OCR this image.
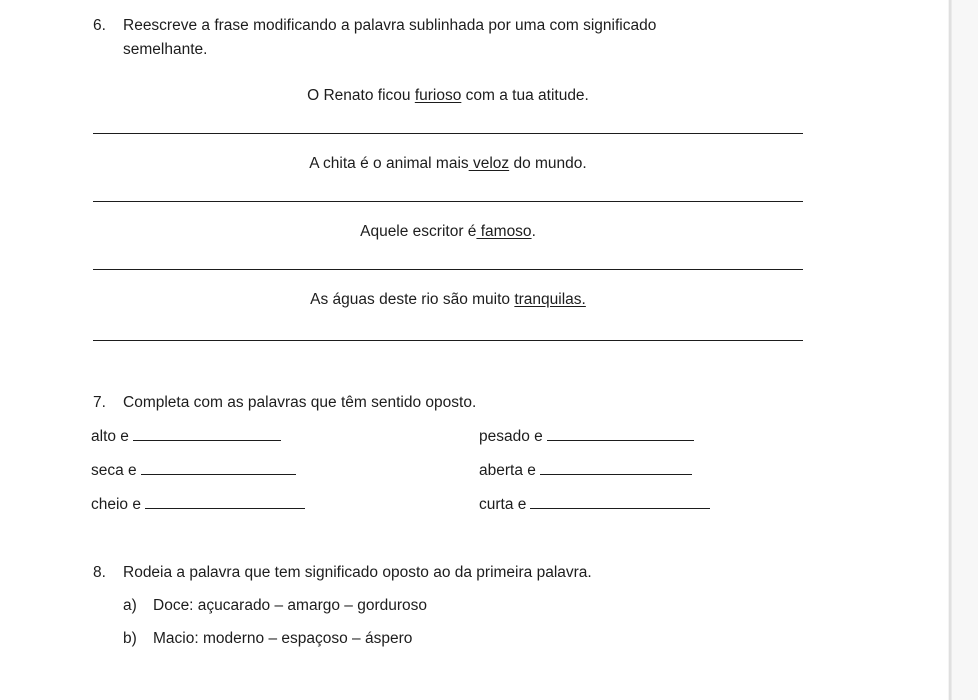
6.	Reescreve a frase modificando a palavra sublinhada por uma com significado
semelhante.
O Renato ficou furioso com a tua atitude.
A chita é o animal mais veloz do mundo.
Aquele escritor é famoso.
As águas deste rio são muito tranquilas.
7.	Completa com as palavras que têm sentido oposto.
alto e
seca e
cheio e
pesado e
aberta e
curta e
8.	Rodeia a palavra que tem significado oposto ao da primeira palavra.
a)	Doce: açucarado – amargo – gorduroso
b)	Macio: moderno – espaçoso – áspero
